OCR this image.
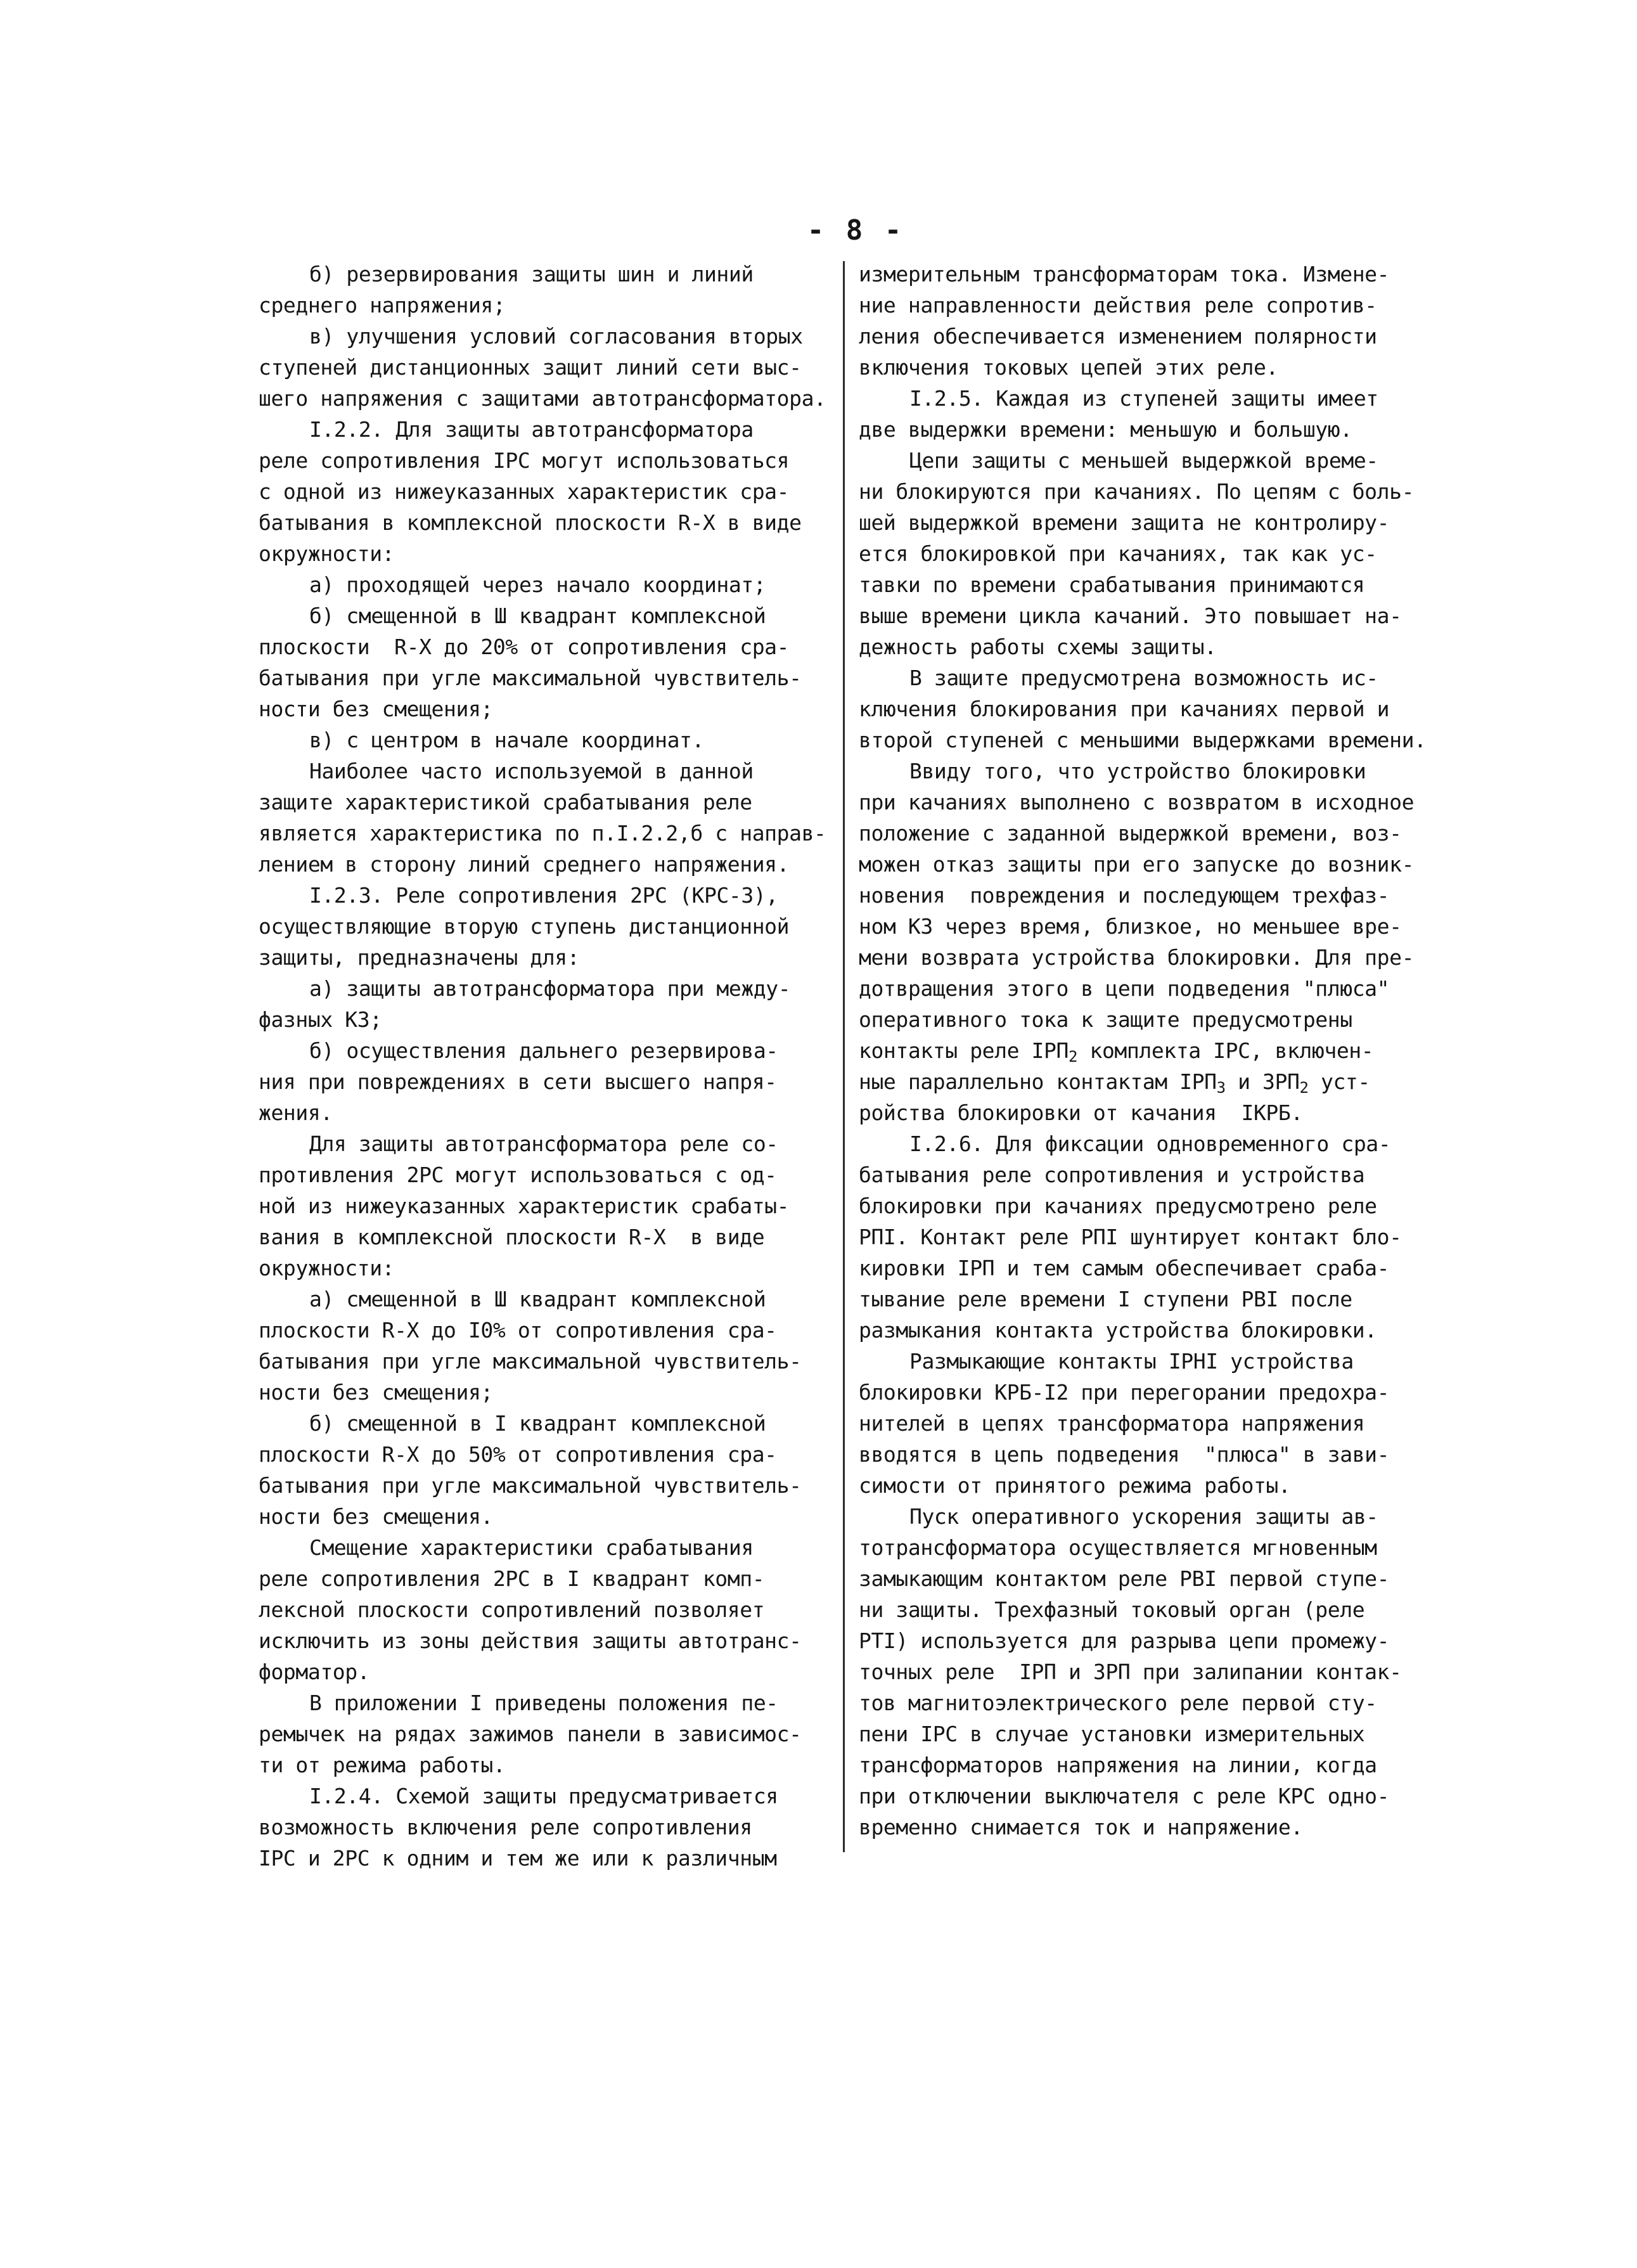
- 8 -
б) резервирования защиты шин и линий
среднего напряжения;
в) улучшения условий согласования вторых
ступеней дистанционных защит линий сети выс-
шего напряжения с защитами автотрансформатора.
I.2.2. Для защиты автотрансформатора
реле сопротивления IPC могут использоваться
с одной из нижеуказанных характеристик сра-
батывания в комплексной плоскости R-X в виде
окружности:
а) проходящей через начало координат;
б) смещенной в Ш квадрант комплексной
плоскости  R-X до 20% от сопротивления сра-
батывания при угле максимальной чувствитель-
ности без смещения;
в) с центром в начале координат.
Наиболее часто используемой в данной
защите характеристикой срабатывания реле
является характеристика по п.I.2.2,б с направ-
лением в сторону линий среднего напряжения.
I.2.3. Реле сопротивления 2PC (КРС-3),
осуществляющие вторую ступень дистанционной
защиты, предназначены для:
а) защиты автотрансформатора при междy-
фазных КЗ;
б) осуществления дальнего резервирова-
ния при повреждениях в сети высшего напря-
жения.
Для защиты автотрансформатора реле со-
противления 2PC могут использоваться с од-
ной из нижеуказанных характеристик срабаты-
вания в комплексной плоскости R-X  в виде
окружности:
а) смещенной в Ш квадрант комплексной
плоскости R-X до I0% от сопротивления сра-
батывания при угле максимальной чувствитель-
ности без смещения;
б) смещенной в I квадрант комплексной
плоскости R-X до 50% от сопротивления сра-
батывания при угле максимальной чувствитель-
ности без смещения.
Смещение характеристики срабатывания
реле сопротивления 2PC в I квадрант комп-
лексной плоскости сопротивлений позволяет
исключить из зоны действия защиты автотранс-
форматор.
В приложении I приведены положения пе-
ремычек на рядах зажимов панели в зависимос-
ти от режима работы.
I.2.4. Схемой защиты предусматривается
возможность включения реле сопротивления
IPC и 2PC к одним и тем же или к различным
измерительным трансформаторам тока. Измене-
ние направленности действия реле сопротив-
ления обеспечивается изменением полярности
включения токовых цепей этих реле.
I.2.5. Каждая из ступеней защиты имеет
две выдержки времени: меньшую и большую.
Цепи защиты с меньшей выдержкой време-
ни блокируются при качаниях. По цепям с боль-
шей выдержкой времени защита не контролиру-
ется блокировкой при качаниях, так как ус-
тавки по времени срабатывания принимаются
выше времени цикла качаний. Это повышает на-
дежность работы схемы защиты.
В защите предусмотрена возможность ис-
ключения блокирования при качаниях первой и
второй ступеней с меньшими выдержками времени.
Ввиду того, что устройство блокировки
при качаниях выполнено с возвратом в исходное
положение с заданной выдержкой времени, воз-
можен отказ защиты при его запуске до возник-
новения  повреждения и последующем трехфаз-
ном КЗ через время, близкое, но меньшее вре-
мени возврата устройства блокировки. Для пре-
дотвращения этого в цепи подведения "плюса"
оперативного тока к защите предусмотрены
контакты реле $IPП_2$ комплекта IPC, включен-
ные параллельно контактам $IPП_3$ и $3PП_2$ уст-
ройства блокировки от качания  IКРБ.
I.2.6. Для фиксации одновременного сра-
батывания реле сопротивления и устройства
блокировки при качаниях предусмотрено реле
PПI. Контакт реле PПI шунтирует контакт бло-
кировки IPП и тем самым обеспечивает сраба-
тывание реле времени I ступени PBI после
размыкания контакта устройства блокировки.
Размыкающие контакты IPHI устройства
блокировки КРБ-I2 при перегорании предохра-
нителей в цепях трансформатора напряжения
вводятся в цепь подведения  "плюса" в зави-
симости от принятого режима работы.
Пуск оперативного ускорения защиты ав-
тотрансформатора осуществляется мгновенным
замыкающим контактом реле PBI первой ступе-
ни защиты. Трехфазный токовый орган (реле
PTI) используется для разрыва цепи промежу-
точных реле  IPП и 3PП при залипании контак-
тов магнитоэлектрического реле первой сту-
пени IPC в случае установки измерительных
трансформаторов напряжения на линии, когда
при отключении выключателя с реле КРС одно-
временно снимается ток и напряжение.
